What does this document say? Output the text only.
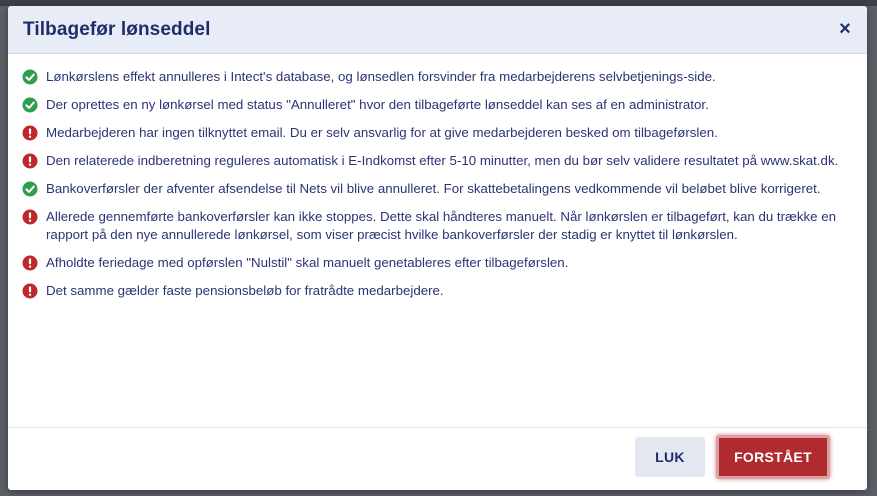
Tilbagefør lønseddel	×
Lønkørslens effekt annulleres i Intect's database, og lønsedlen forsvinder fra medarbejderens selvbetjenings-side.
Der oprettes en ny lønkørsel med status "Annulleret" hvor den tilbageførte lønseddel kan ses af en administrator.
Medarbejderen har ingen tilknyttet email. Du er selv ansvarlig for at give medarbejderen besked om tilbageførslen.
Den relaterede indberetning reguleres automatisk i E-Indkomst efter 5-10 minutter, men du bør selv validere resultatet på www.skat.dk.
Bankoverførsler der afventer afsendelse til Nets vil blive annulleret. For skattebetalingens vedkommende vil beløbet blive korrigeret.
Allerede gennemførte bankoverførsler kan ikke stoppes. Dette skal håndteres manuelt. Når lønkørslen er tilbageført, kan du trække en rapport på den nye annullerede lønkørsel, som viser præcist hvilke bankoverførsler der stadig er knyttet til lønkørslen.
Afholdte feriedage med opførslen "Nulstil" skal manuelt genetableres efter tilbageførslen.
Det samme gælder faste pensionsbeløb for fratrådte medarbejdere.
LUK	FORSTÅET
